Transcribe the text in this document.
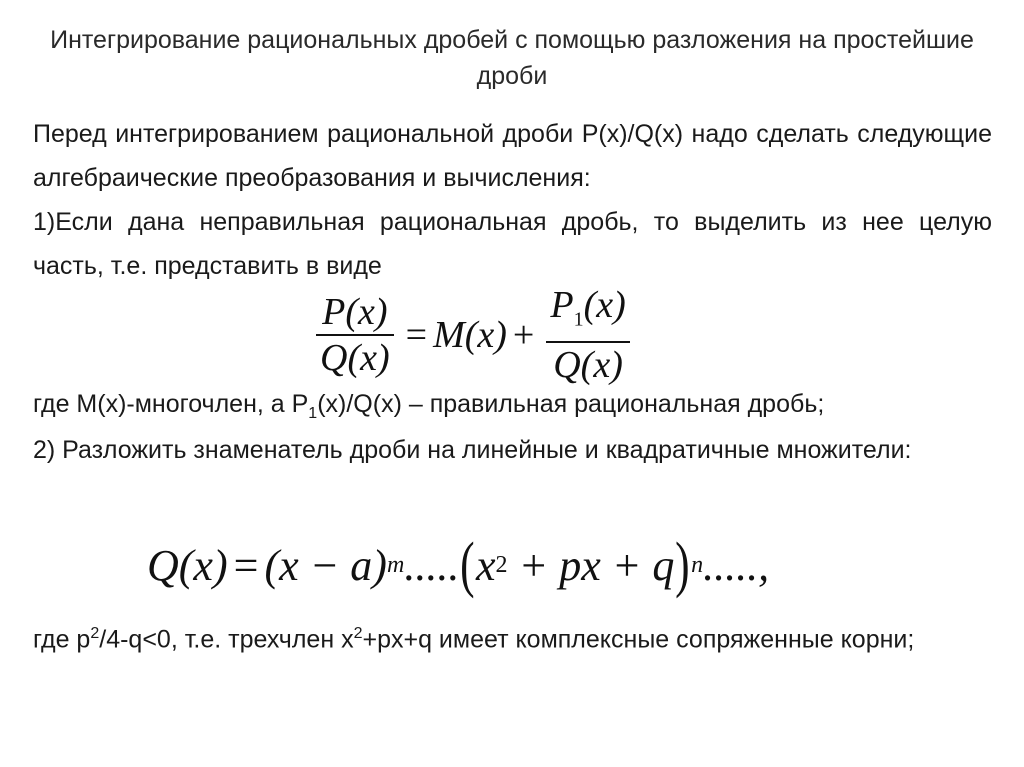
Интегрирование рациональных дробей с помощью разложения на простейшие дроби
Перед интегрированием рациональной дроби P(x)/Q(x) надо сделать следующие алгебраические преобразования и вычисления:
1)Если дана неправильная рациональная дробь, то выделить из нее целую часть, т.е. представить в виде
$\frac{P(x)}{Q(x)} = M(x) + \frac{P_1(x)}{Q(x)}$
где M(x)-многочлен, а $P_1(x)/Q(x)$ – правильная рациональная дробь;
2) Разложить знаменатель дроби на линейные и квадратичные множители:
Q(x) = (x − a) m ..... ( x 2 + px + q ) n .....,
где $p^2/4-q<0$, т.е. трехчлен $x^2+px+q$ имеет комплексные сопряженные корни;
